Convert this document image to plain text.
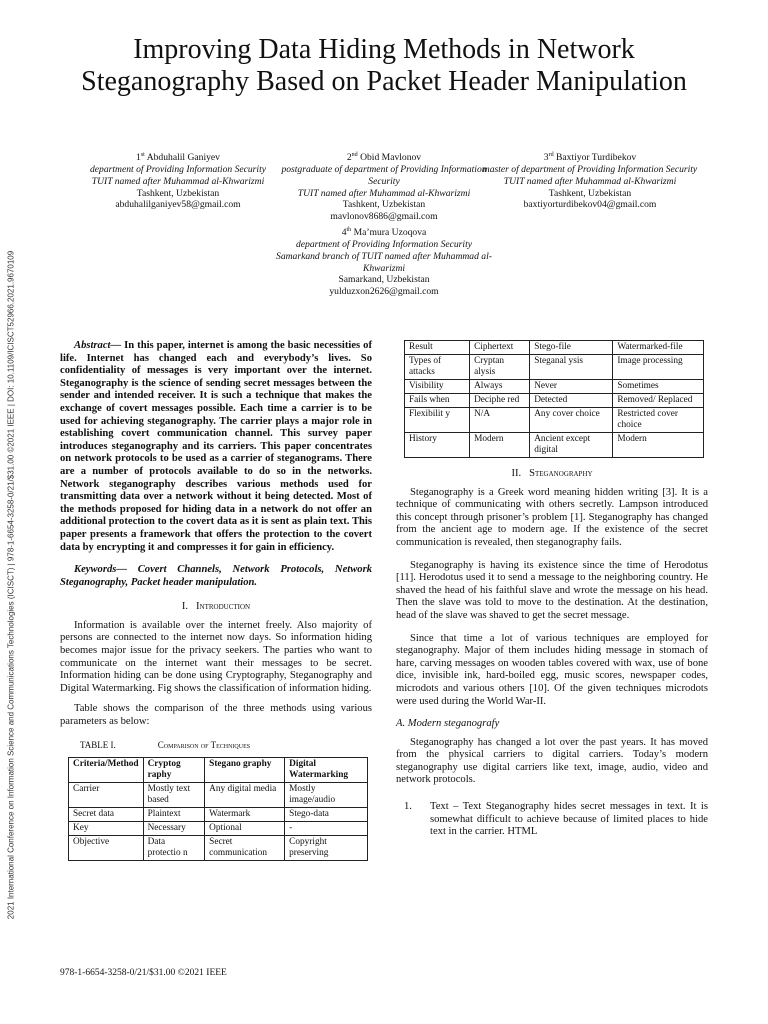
2021 International Conference on Information Science and Communications Technologies (ICISCT) | 978-1-6654-3258-0/21/$31.00 ©2021 IEEE | DOI: 10.1109/ICISCT52966.2021.9670109
Improving Data Hiding Methods in Network Steganography Based on Packet Header Manipulation
1st Abduhalil Ganiyev
department of Providing Information Security
TUIT named after Muhammad al-Khwarizmi
Tashkent, Uzbekistan
abduhalilganiyev58@gmail.com
2nd Obid Mavlonov
postgraduate of department of Providing Information Security
TUIT named after Muhammad al-Khwarizmi
Tashkent, Uzbekistan
mavlonov8686@gmail.com
3rd Baxtiyor Turdibekov
master of department of Providing Information Security
TUIT named after Muhammad al-Khwarizmi
Tashkent, Uzbekistan
baxtiyorturdibekov04@gmail.com
4th Ma’mura Uzoqova
department of Providing Information Security
Samarkand branch of TUIT named after Muhammad al-Khwarizmi
Samarkand, Uzbekistan
yulduzxon2626@gmail.com

Abstract— In this paper, internet is among the basic necessities of life. Internet has changed each and everybody’s lives. So confidentiality of messages is very important over the internet. Steganography is the science of sending secret messages between the sender and intended receiver. It is such a technique that makes the exchange of covert messages possible. Each time a carrier is to be used for achieving steganography. The carrier plays a major role in establishing covert communication channel. This survey paper introduces steganography and its carriers. This paper concentrates on network protocols to be used as a carrier of steganograms. There are a number of protocols available to do so in the networks. Network steganography describes various methods used for transmitting data over a network without it being detected. Most of the methods proposed for hiding data in a network do not offer an additional protection to the covert data as it is sent as plain text. This paper presents a framework that offers the protection to the covert data by encrypting it and compresses it for gain in efficiency.

Keywords— Covert Channels, Network Protocols, Network Steganography, Packet header manipulation.

I. Introduction

Information is available over the internet freely. Also majority of persons are connected to the internet now days. So information hiding becomes major issue for the privacy seekers. The parties who want to communicate on the internet want their messages to be secret. Information hiding can be done using Cryptography, Steganography and Digital Watermarking. Fig shows the classification of information hiding.

Table shows the comparison of the three methods using various parameters as below:

TABLE I.	Comparison of Techniques

Criteria/Method	Cryptog raphy	Stegano graphy	Digital Watermarking
Carrier	Mostly text based	Any digital media	Mostly image/audio
Secret data	Plaintext	Watermark	Stego-data
Key	Necessary	Optional	-
Objective	Data protectio n	Secret communication	Copyright preserving
Result	Ciphertext	Stego-file	Watermarked-file
Types of attacks	Cryptan alysis	Steganal ysis	Image processing
Visibility	Always	Never	Sometimes
Fails when	Deciphe red	Detected	Removed/ Replaced
Flexibilit y	N/A	Any cover choice	Restricted cover choice
History	Modern	Ancient except digital	Modern

II. Steganography

Steganography is a Greek word meaning hidden writing [3]. It is a technique of communicating with others secretly. Lampson introduced this concept through prisoner’s problem [1]. Steganography has changed from the ancient age to modern age. If the existence of the secret communication is revealed, then steganography fails.

Steganography is having its existence since the time of Herodotus [11]. Herodotus used it to send a message to the neighboring country. He shaved the head of his faithful slave and wrote the message on his head. Then the slave was told to move to the destination. At the destination, head of the slave was shaved to get the secret message.

Since that time a lot of various techniques are employed for steganography. Major of them includes hiding message in stomach of hare, carving messages on wooden tables covered with wax, use of bone dice, invisible ink, hard-boiled egg, music scores, newspaper codes, microdots and various others [10]. Of the given techniques microdots were used during the World War-II.

A. Modern steganografy

Steganography has changed a lot over the past years. It has moved from the physical carriers to digital carriers. Today’s modern steganography use digital carriers like text, image, audio, video and network protocols.

1.	Text – Text Steganography hides secret messages in text. It is somewhat difficult to achieve because of limited places to hide text in the carrier. HTML

978-1-6654-3258-0/21/$31.00 ©2021 IEEE
